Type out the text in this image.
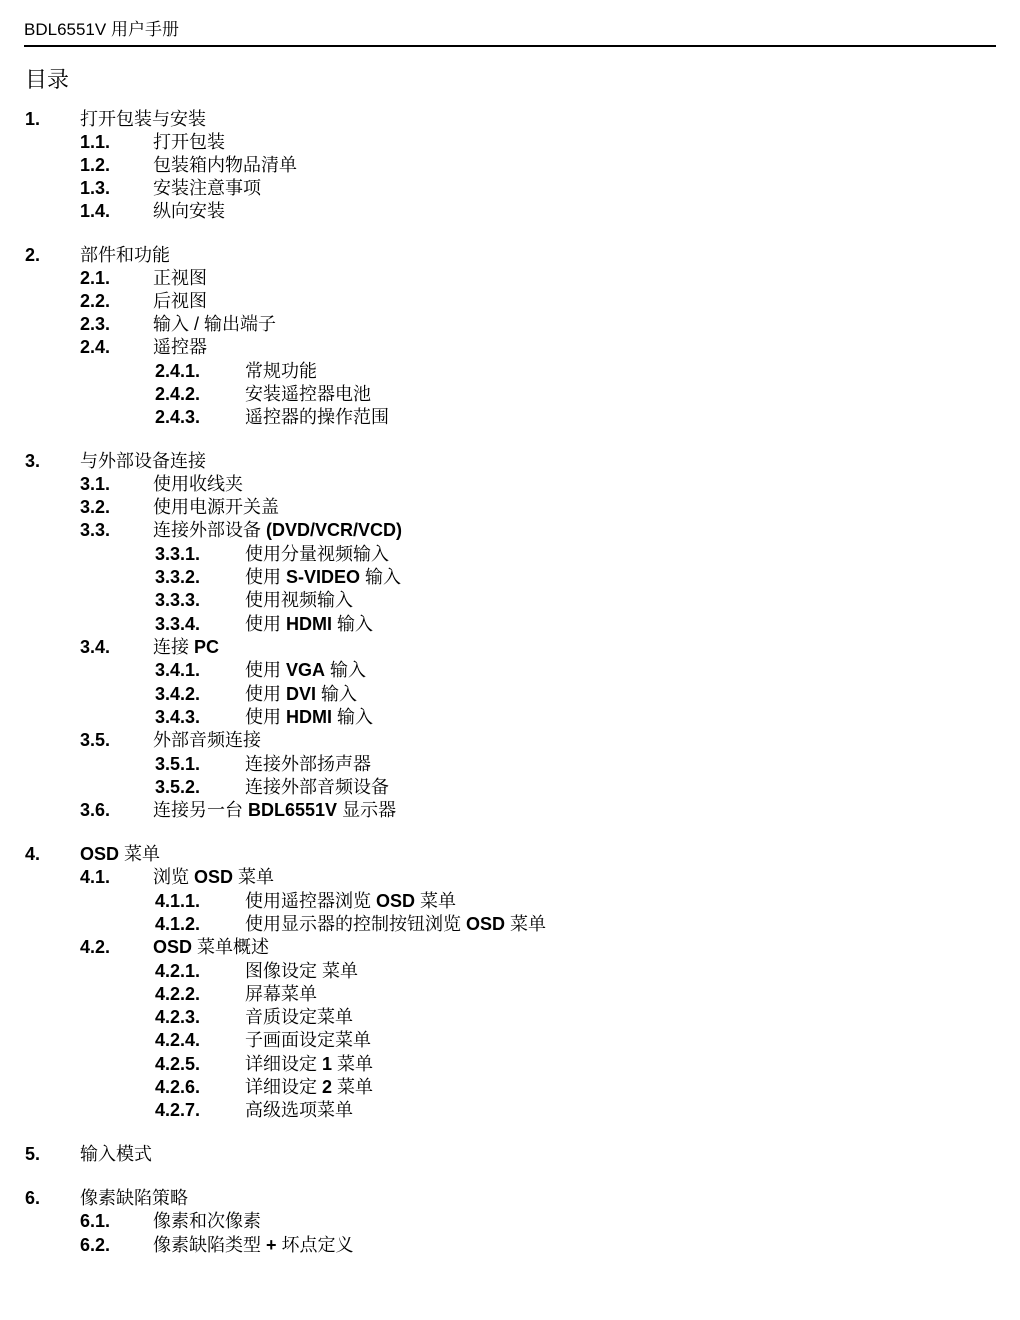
BDL6551V 用户手册
目录
1. 打开包装与安装
1.1. 打开包装
1.2. 包装箱内物品清单
1.3. 安装注意事项
1.4. 纵向安装
2. 部件和功能
2.1. 正视图
2.2. 后视图
2.3. 输入 / 输出端子
2.4. 遥控器
2.4.1. 常规功能
2.4.2. 安装遥控器电池
2.4.3. 遥控器的操作范围
3. 与外部设备连接
3.1. 使用收线夹
3.2. 使用电源开关盖
3.3. 连接外部设备 (DVD/VCR/VCD)
3.3.1. 使用分量视频输入
3.3.2. 使用 S-VIDEO 输入
3.3.3. 使用视频输入
3.3.4. 使用 HDMI 输入
3.4. 连接 PC
3.4.1. 使用 VGA 输入
3.4.2. 使用 DVI 输入
3.4.3. 使用 HDMI 输入
3.5. 外部音频连接
3.5.1. 连接外部扬声器
3.5.2. 连接外部音频设备
3.6. 连接另一台 BDL6551V 显示器
4. OSD 菜单
4.1. 浏览 OSD 菜单
4.1.1. 使用遥控器浏览 OSD 菜单
4.1.2. 使用显示器的控制按钮浏览 OSD 菜单
4.2. OSD 菜单概述
4.2.1. 图像设定 菜单
4.2.2. 屏幕菜单
4.2.3. 音质设定菜单
4.2.4. 子画面设定菜单
4.2.5. 详细设定 1 菜单
4.2.6. 详细设定 2 菜单
4.2.7. 高级选项菜单
5. 输入模式
6. 像素缺陷策略
6.1. 像素和次像素
6.2. 像素缺陷类型 + 坏点定义
